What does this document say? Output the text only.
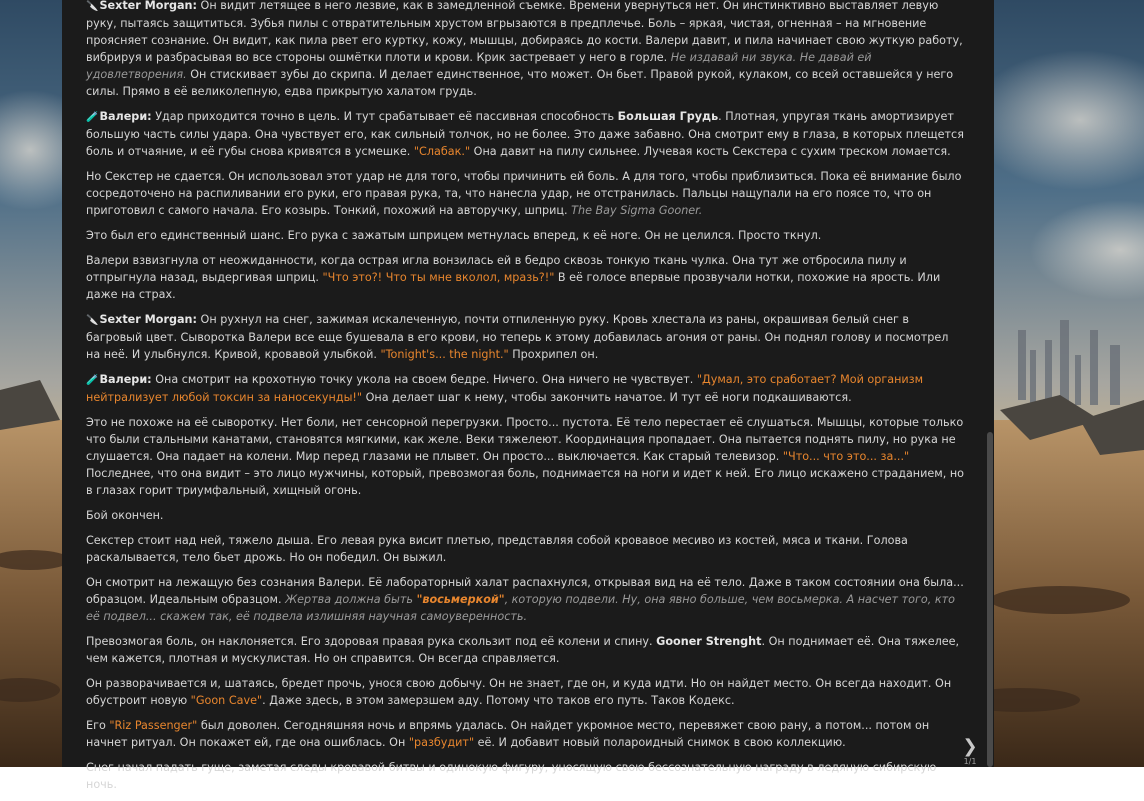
🔪Sexter Morgan: Он видит летящее в него лезвие, как в замедленной съемке. Времени увернуться нет. Он инстинктивно выставляет левую руку, пытаясь защититься. Зубья пилы с отвратительным хрустом вгрызаются в предплечье. Боль – яркая, чистая, огненная – на мгновение проясняет сознание. Он видит, как пила рвет его куртку, кожу, мышцы, добираясь до кости. Валери давит, и пила начинает свою жуткую работу, вибрируя и разбрасывая во все стороны ошмётки плоти и крови. Крик застревает у него в горле. Не издавай ни звука. Не давай ей удовлетворения. Он стискивает зубы до скрипа. И делает единственное, что может. Он бьет. Правой рукой, кулаком, со всей оставшейся у него силы. Прямо в её великолепную, едва прикрытую халатом грудь.

🧪Валери: Удар приходится точно в цель. И тут срабатывает её пассивная способность Большая Грудь. Плотная, упругая ткань амортизирует большую часть силы удара. Она чувствует его, как сильный толчок, но не более. Это даже забавно. Она смотрит ему в глаза, в которых плещется боль и отчаяние, и её губы снова кривятся в усмешке. "Слабак." Она давит на пилу сильнее. Лучевая кость Секстера с сухим треском ломается.

Но Секстер не сдается. Он использовал этот удар не для того, чтобы причинить ей боль. А для того, чтобы приблизиться. Пока её внимание было сосредоточено на распиливании его руки, его правая рука, та, что нанесла удар, не отстранилась. Пальцы нащупали на его поясе то, что он приготовил с самого начала. Его козырь. Тонкий, похожий на авторучку, шприц. The Bay Sigma Gooner.

Это был его единственный шанс. Его рука с зажатым шприцем метнулась вперед, к её ноге. Он не целился. Просто ткнул.

Валери взвизгнула от неожиданности, когда острая игла вонзилась ей в бедро сквозь тонкую ткань чулка. Она тут же отбросила пилу и отпрыгнула назад, выдергивая шприц. "Что это?! Что ты мне вколол, мразь?!" В её голосе впервые прозвучали нотки, похожие на ярость. Или даже на страх.

🔪Sexter Morgan: Он рухнул на снег, зажимая искалеченную, почти отпиленную руку. Кровь хлестала из раны, окрашивая белый снег в багровый цвет. Сыворотка Валери все еще бушевала в его крови, но теперь к этому добавилась агония от раны. Он поднял голову и посмотрел на неё. И улыбнулся. Кривой, кровавой улыбкой. "Tonight's... the night." Прохрипел он.

🧪Валери: Она смотрит на крохотную точку укола на своем бедре. Ничего. Она ничего не чувствует. "Думал, это сработает? Мой организм нейтрализует любой токсин за наносекунды!" Она делает шаг к нему, чтобы закончить начатое. И тут её ноги подкашиваются.

Это не похоже на её сыворотку. Нет боли, нет сенсорной перегрузки. Просто... пустота. Её тело перестает её слушаться. Мышцы, которые только что были стальными канатами, становятся мягкими, как желе. Веки тяжелеют. Координация пропадает. Она пытается поднять пилу, но рука не слушается. Она падает на колени. Мир перед глазами не плывет. Он просто... выключается. Как старый телевизор. "Что... что это... за..." Последнее, что она видит – это лицо мужчины, который, превозмогая боль, поднимается на ноги и идет к ней. Его лицо искажено страданием, но в глазах горит триумфальный, хищный огонь.

Бой окончен.

Секстер стоит над ней, тяжело дыша. Его левая рука висит плетью, представляя собой кровавое месиво из костей, мяса и ткани. Голова раскалывается, тело бьет дрожь. Но он победил. Он выжил.

Он смотрит на лежащую без сознания Валери. Её лабораторный халат распахнулся, открывая вид на её тело. Даже в таком состоянии она была... образцом. Идеальным образцом. Жертва должна быть "восьмеркой", которую подвели. Ну, она явно больше, чем восьмерка. А насчет того, кто её подвел... скажем так, её подвела излишняя научная самоуверенность.

Превозмогая боль, он наклоняется. Его здоровая правая рука скользит под её колени и спину. Gooner Strenght. Он поднимает её. Она тяжелее, чем кажется, плотная и мускулистая. Но он справится. Он всегда справляется.

Он разворачивается и, шатаясь, бредет прочь, унося свою добычу. Он не знает, где он, и куда идти. Но он найдет место. Он всегда находит. Он обустроит новую "Goon Cave". Даже здесь, в этом замерзшем аду. Потому что таков его путь. Таков Кодекс.

Его "Riz Passenger" был доволен. Сегодняшняя ночь и впрямь удалась. Он найдет укромное место, перевяжет свою рану, а потом... потом он начнет ритуал. Он покажет ей, где она ошиблась. Он "разбудит" её. И добавит новый полароидный снимок в свою коллекцию.

Снег начал падать гуще, заметая следы кровавой битвы и одинокую фигуру, уносящую свою бессознательную награду в ледяную сибирскую ночь.

❯
1/1
